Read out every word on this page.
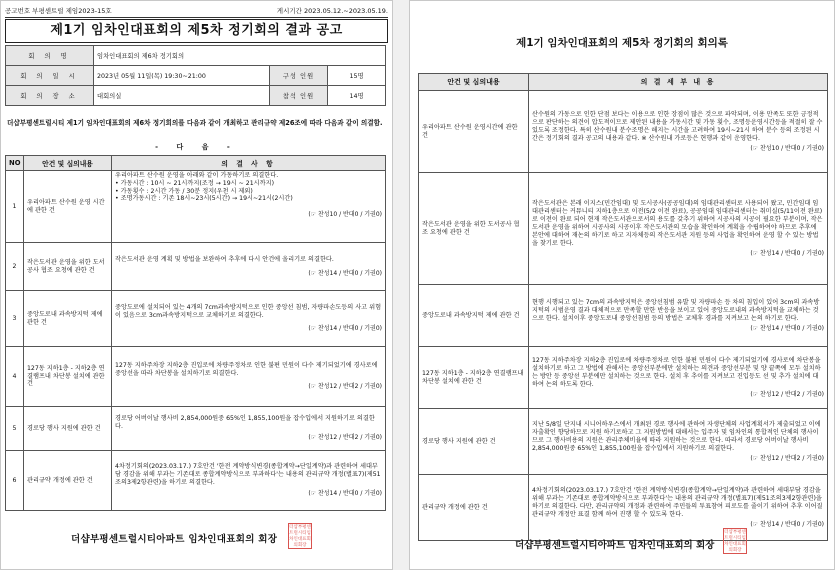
공고번호 부평센트럴 제임2023-15호	게시기간 2023.05.12.~2023.05.19.
제1기 임차인대표회의 제5차 정기회의 결과 공고
회 의 명	임차인대표회의 제6차 정기회의		
회 의 일 시	2023년 05월 11일(목) 19:30~21:00	구성 인원	15명
회 의 장 소	대회의실	참석 인원	14명
더샵부평센트럴시티 제1기 임차인대표회의 제6차 정기회의를 다음과 같이 개최하고 관리규약 제26조에 따라 다음과 같이 의결함.
- 다 음 -
NO	안건 및 심의내용	의 결 사 항
1	우리아파트 산수원 운영 시간에 관한 건	우리아파트 산수원 운영을 아래와 같이 가동하기로 의결한다.
• 가동시간 : 10시 ~ 21시까지(조정 → 19시 ~ 21시까지)
• 가동횟수 : 2시간 가동 / 30분 정지(우천 시 제외)
• 조명가동시간 : 기존 18시~23시(5시간) → 19시~21시(2시간)
(☞ 찬성10 / 반대0 / 기권0)

2	작은도서관 운영을 위한 도서공사 협조 요청에 관한 건	작은도서관 운영 계획 및 방법을 보완하여 추후에 다시 안건에 올리기로 의결한다.
(☞ 찬성14 / 반대0 / 기권0)

3	중앙도로내 과속방지턱 제에 관한 건	중앙도로에 설치되어 있는 4개의 7cm과속방지턱으로 인한 중앙선 침범, 자량파손도등의 사고 위험이 있음으로 3cm과속방지턱으로 교체하기로 의결한다.
(☞ 찬성14 / 반대0 / 기권0)

4	127동 지하1층 - 지하2층 연결램프내 차단봉 설치에 관한 건	127동 지하주차장 지하2층 진입로에 차량주정차로 인한 불편 민원이 다수 제기되었기에 경사로에 중앙선을 따라 차단봉을 설치하기로 의결한다.
(☞ 찬성12 / 반대2 / 기권0)

5	경로당 행사 지원에 관한 건	경로당 어버이날 행사비 2,854,000원중 65%인 1,855,100원을 잡수입에서 지원하기로 의결한다.
(☞ 찬성12 / 반대2 / 기권0)

6	관리규약 개정에 관한 건	4차정기회의(2023.03.17.) 7호안건 '한전 계약방식변경(종합계약→단일계약)과 관련하여 세대부담 경감을 위해 부과는 기존대로 종합계약방식으로 부과하다'는 내용의 관리규약 개정(별표7)(제51조의3제2항관련)을 하기로 의결한다.
(☞ 찬성14 / 반대0 / 기권0)
더샵부평센트럴시티아파트 임차인대표회의 회장
더샵부평센트럴시티임차인대표회의회장
제1기 임차인대표회의 제5차 정기회의 회의록
안건 및 심의내용	의 결 세 부 내 용
우리아파트 산수원 운영시간에 관한 건	산수원의 가동으로 인한 단점 보다는 이용으로 인한 장점이 많은 것으로 파악되며, 이용 만족도 또한 긍정적으로 판단하는 의견이 압도적이므로 제안된 내용을 가동시간 및 가동 횟수, 조명등운영시간등을 적절히 잘 수 있도록 조정한다. 특히 산수원내 분수조명은 해지는 시간을 고려하여 19시~21시 하여 분수 등의 조정된 시간은 정기회의 결과 공고의 내용과 같다. ※ 산수원내 가로등은 현행과 같이 운영한다.
(☞ 찬성10 / 반대0 / 기권0)

작은도서관 운영을 위한 도서공사 협조 요청에 관한 건	작은도서관은 본래 이지스(민간임대) 및 도시공사(공공임대)의 임대관리센터로 사용되어 왔고, 민간임대 임대관리센터는 커뮤니티 지하1층으로 이전(5/2 이전 완료), 공공임대 임대관리센터는 취미실(5/11이전 완료)로 이전이 완료 되어 현재 작은도서관으로서의 용도를 갖추기 위하여 시공사의 시공이 필요한 부분이며, 작은도서관 운영을 위하여 시공사의 시공이후 작은도서관의 모습을 확인하여 계획을 수립하여야 하므로 추후에 본안에 대하여 재논의 하기로 하고 지자체등의 작은도서관 지원 등의 사업을 확인하여 운영 할 수 있는 방법을 찾기로 한다.
(☞ 찬성14 / 반대0 / 기권0)

중앙도로내 과속방지턱 제에 관한 건	현행 시행되고 있는 7cm의 과속방지턱은 중앙선침범 유발 및 자량파손 등 차의 침입이 있어 3cm의 과속방지턱의 시범운영 결과 대체적으로 만족할 만한 반응을 보이고 있어 중앙도로내의 과속방지턱을 교체하는 것으로 한다. 설치이후 중앙도로내 중앙선침범 등의 방법은 교체후 경과를 지켜보고 논의 하기로 한다.
(☞ 찬성14 / 반대0 / 기권0)

127동 지하1층 - 지하2층 연결램프내 차단봉 설치에 관한 건	127동 지하주차장 지하2층 진입로에 차량주정차로 인한 불편 민원이 다수 제기되었기에 경사로에 차단봉을 설치하기로 하고 그 방법에 관해서는 중앙선부분에만 설치하는 의견과 중앙선부분 및 양 끝쪽에 모두 설치하는 방안 등 중앙선 부분에만 설치하는 것으로 한다. 설치 후 추이를 지켜보고 진입등도 선 및 추가 설치에 대하여 논의 하도록 한다.
(☞ 찬성12 / 반대2 / 기권0)

경로당 행사 지원에 관한 건	지난 5/8일 단지내 시니어하우스에서 개최된 경로 행사에 관하여 자생단체의 사업계획서가 제출되었고 이에 자출확인 향당하므로 지원 하기로하고 그 지원방법에 대해서는 입주자 및 임차인의 통합적인 단체의 행사이므로 그 행사비용의 지원은 관리주체비율에 따라 지원하는 것으로 한다. 따라서 경로당 어버이날 행사비 2,854,000원중 65%인 1,855,100원을 잡수입에서 지원하기로 의결한다.
(☞ 찬성12 / 반대2 / 기권0)

관리규약 개정에 관한 건	4차정기회의(2023.03.17.) 7호안건 '한전 계약방식변경(종합계약→단일계약)과 관련하여 세대부담 경감을 위해 부과는 기존대로 종합계약방식으로 부과한다'는 내용의 관리규약 개정(별표7)(제51조의3제2항관련)을 하기로 의결한다. 다만, 관리규약의 개정과 관련하여 주민들의 투표참여 피로도를 줄이기 위하여 추후 이어질 관리규약 개정안 표결 함께 하여 진행 할 수 있도록 한다.
(☞ 찬성14 / 반대0 / 기권0)
더샵부평센트럴시티아파트 임차인대표회의 회장
더샵부평센트럴시티임차인대표회의회장
